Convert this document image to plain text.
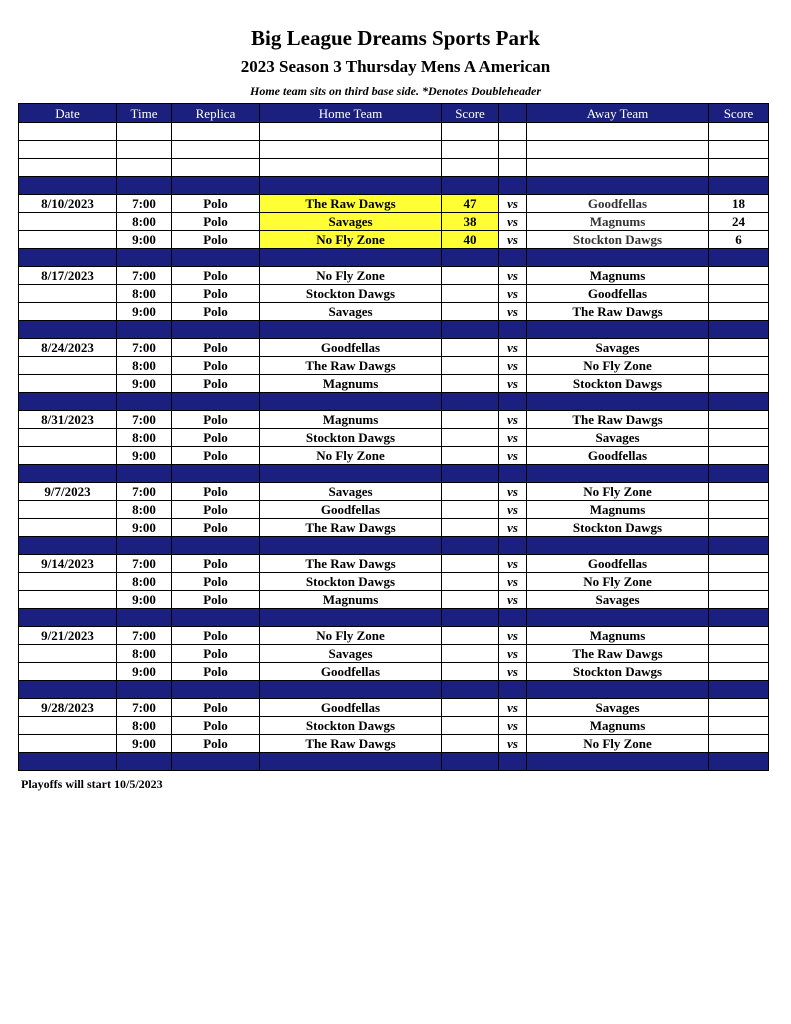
Big League Dreams Sports Park
2023 Season 3 Thursday Mens A American
Home team sits on third base side. *Denotes Doubleheader
Date	Time	Replica	Home Team	Score		Away Team	Score

8/10/2023	7:00	Polo	The Raw Dawgs	47	vs	Goodfellas	18
	8:00	Polo	Savages	38	vs	Magnums	24
	9:00	Polo	No Fly Zone	40	vs	Stockton Dawgs	6

8/17/2023	7:00	Polo	No Fly Zone		vs	Magnums	
	8:00	Polo	Stockton Dawgs		vs	Goodfellas	
	9:00	Polo	Savages		vs	The Raw Dawgs	

8/24/2023	7:00	Polo	Goodfellas		vs	Savages	
	8:00	Polo	The Raw Dawgs		vs	No Fly Zone	
	9:00	Polo	Magnums		vs	Stockton Dawgs	

8/31/2023	7:00	Polo	Magnums		vs	The Raw Dawgs	
	8:00	Polo	Stockton Dawgs		vs	Savages	
	9:00	Polo	No Fly Zone		vs	Goodfellas	

9/7/2023	7:00	Polo	Savages		vs	No Fly Zone	
	8:00	Polo	Goodfellas		vs	Magnums	
	9:00	Polo	The Raw Dawgs		vs	Stockton Dawgs	

9/14/2023	7:00	Polo	The Raw Dawgs		vs	Goodfellas	
	8:00	Polo	Stockton Dawgs		vs	No Fly Zone	
	9:00	Polo	Magnums		vs	Savages	

9/21/2023	7:00	Polo	No Fly Zone		vs	Magnums	
	8:00	Polo	Savages		vs	The Raw Dawgs	
	9:00	Polo	Goodfellas		vs	Stockton Dawgs	

9/28/2023	7:00	Polo	Goodfellas		vs	Savages	
	8:00	Polo	Stockton Dawgs		vs	Magnums	
	9:00	Polo	The Raw Dawgs		vs	No Fly Zone	

Playoffs will start 10/5/2023
